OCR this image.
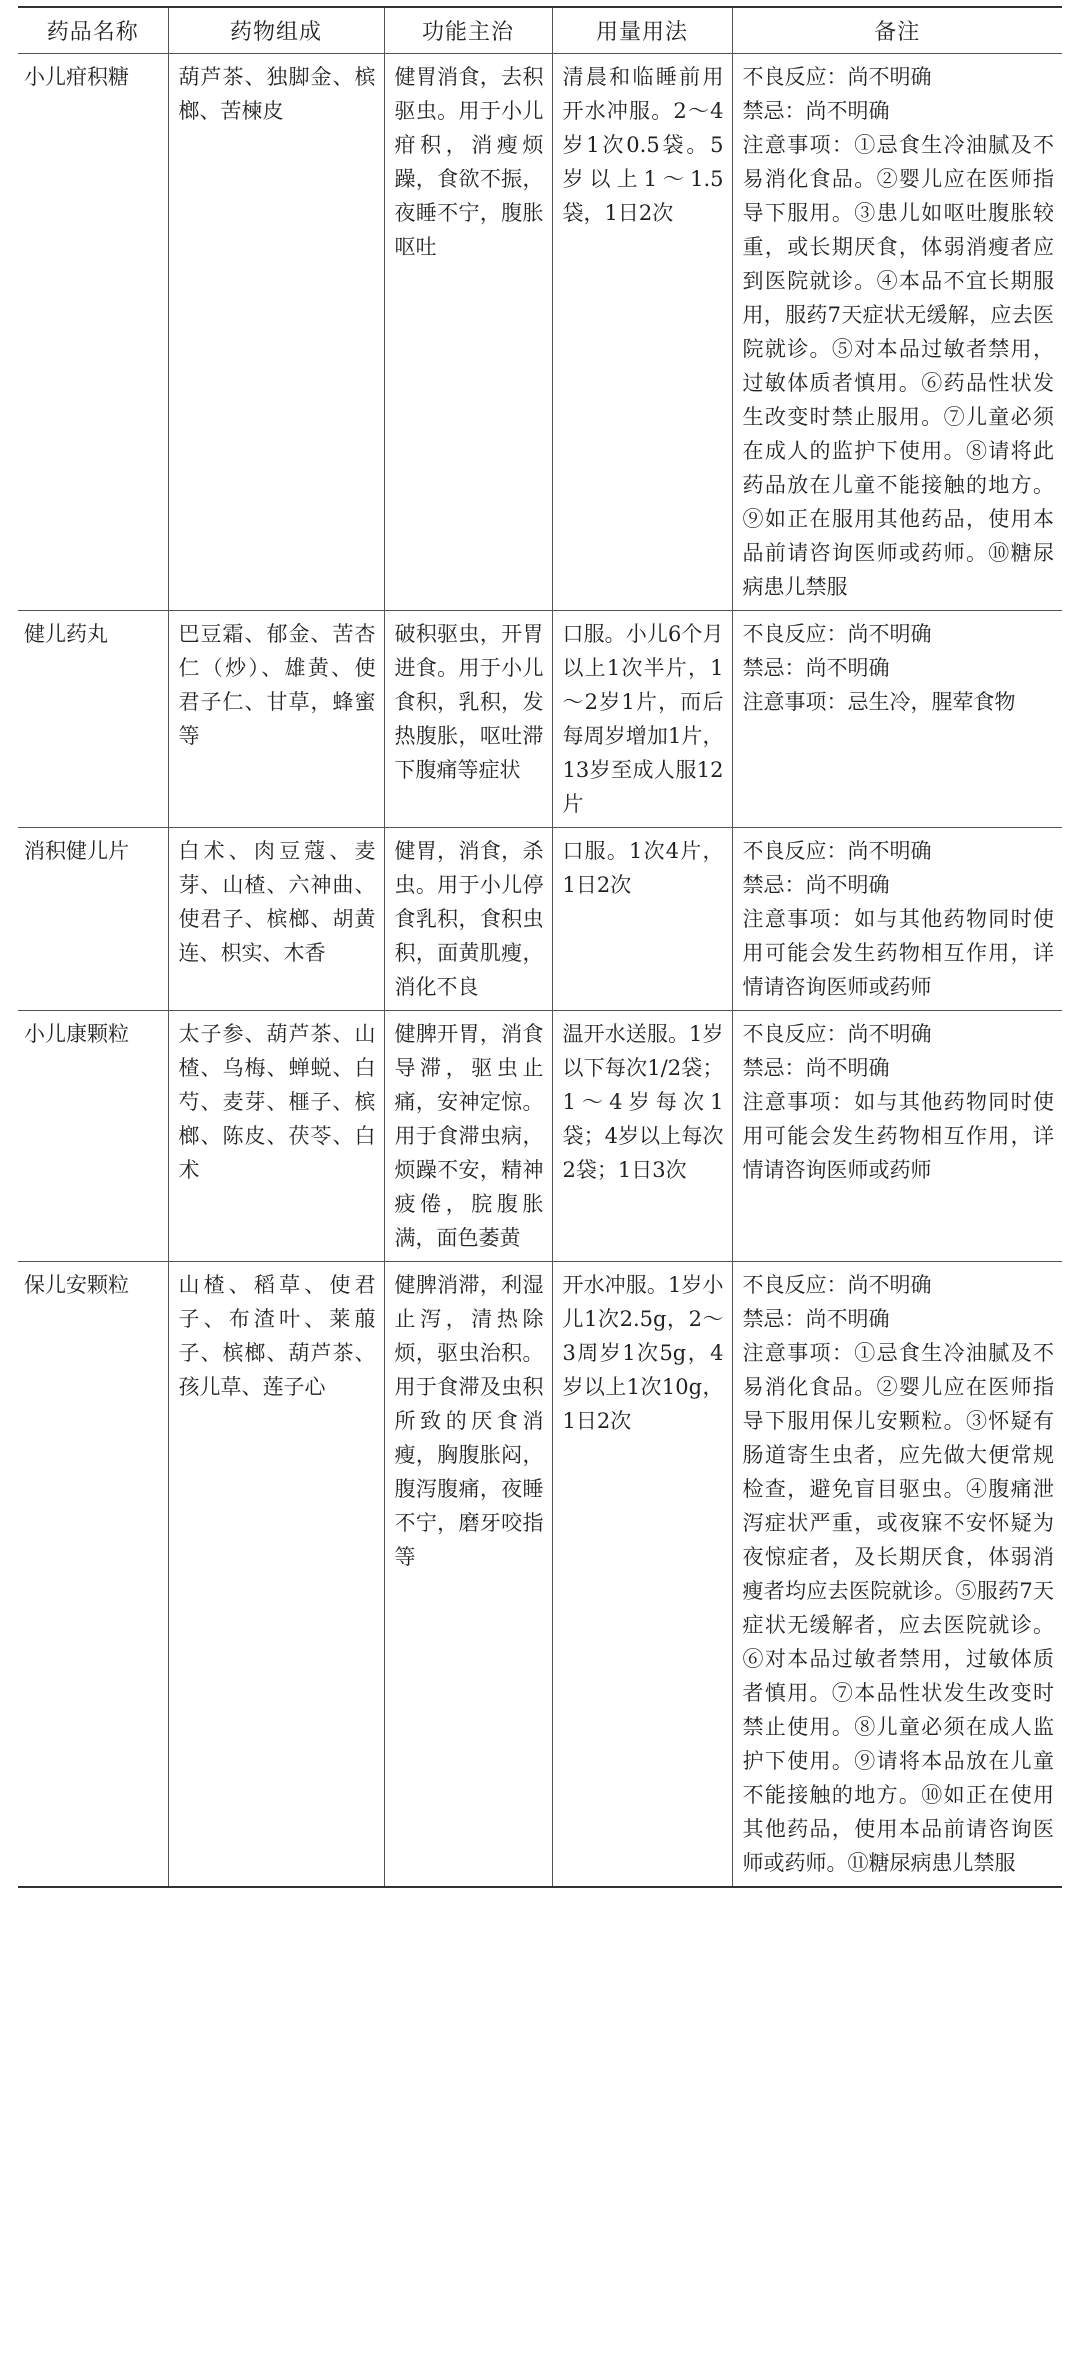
药品名称	药物组成	功能主治	用量用法	备注
小儿疳积糖	葫芦茶、独脚金、槟榔、苦楝皮	健胃消食，去积驱虫。用于小儿疳积，消瘦烦躁，食欲不振，夜睡不宁，腹胀呕吐	清晨和临睡前用开水冲服。2～4岁1次0.5袋。5岁以上1～1.5袋，1日2次	不良反应：尚不明确
禁忌：尚不明确
注意事项：①忌食生冷油腻及不易消化食品。②婴儿应在医师指导下服用。③患儿如呕吐腹胀较重，或长期厌食，体弱消瘦者应到医院就诊。④本品不宜长期服用，服药7天症状无缓解，应去医院就诊。⑤对本品过敏者禁用，过敏体质者慎用。⑥药品性状发生改变时禁止服用。⑦儿童必须在成人的监护下使用。⑧请将此药品放在儿童不能接触的地方。⑨如正在服用其他药品，使用本品前请咨询医师或药师。⑩糖尿病患儿禁服

健儿药丸	巴豆霜、郁金、苦杏仁（炒）、雄黄、使君子仁、甘草，蜂蜜等	破积驱虫，开胃进食。用于小儿食积，乳积，发热腹胀，呕吐滞下腹痛等症状	口服。小儿6个月以上1次半片，1～2岁1片，而后每周岁增加1片，13岁至成人服12片	不良反应：尚不明确
禁忌：尚不明确
注意事项：忌生冷，腥荤食物

消积健儿片	白术、肉豆蔻、麦芽、山楂、六神曲、使君子、槟榔、胡黄连、枳实、木香	健胃，消食，杀虫。用于小儿停食乳积，食积虫积，面黄肌瘦，消化不良	口服。1次4片，1日2次	不良反应：尚不明确
禁忌：尚不明确
注意事项：如与其他药物同时使用可能会发生药物相互作用，详情请咨询医师或药师

小儿康颗粒	太子参、葫芦茶、山楂、乌梅、蝉蜕、白芍、麦芽、榧子、槟榔、陈皮、茯苓、白术	健脾开胃，消食导滞，驱虫止痛，安神定惊。用于食滞虫病，烦躁不安，精神疲倦，脘腹胀满，面色萎黄	温开水送服。1岁以下每次1/2袋；1～4岁每次1袋；4岁以上每次2袋；1日3次	不良反应：尚不明确
禁忌：尚不明确
注意事项：如与其他药物同时使用可能会发生药物相互作用，详情请咨询医师或药师

保儿安颗粒	山楂、稻草、使君子、布渣叶、莱菔子、槟榔、葫芦茶、孩儿草、莲子心	健脾消滞，利湿止泻，清热除烦，驱虫治积。用于食滞及虫积所致的厌食消瘦，胸腹胀闷，腹泻腹痛，夜睡不宁，磨牙咬指等	开水冲服。1岁小儿1次2.5g，2～3周岁1次5g，4岁以上1次10g，1日2次	不良反应：尚不明确
禁忌：尚不明确
注意事项：①忌食生冷油腻及不易消化食品。②婴儿应在医师指导下服用保儿安颗粒。③怀疑有肠道寄生虫者，应先做大便常规检查，避免盲目驱虫。④腹痛泄泻症状严重，或夜寐不安怀疑为夜惊症者，及长期厌食，体弱消瘦者均应去医院就诊。⑤服药7天症状无缓解者，应去医院就诊。⑥对本品过敏者禁用，过敏体质者慎用。⑦本品性状发生改变时禁止使用。⑧儿童必须在成人监护下使用。⑨请将本品放在儿童不能接触的地方。⑩如正在使用其他药品，使用本品前请咨询医师或药师。⑪糖尿病患儿禁服
